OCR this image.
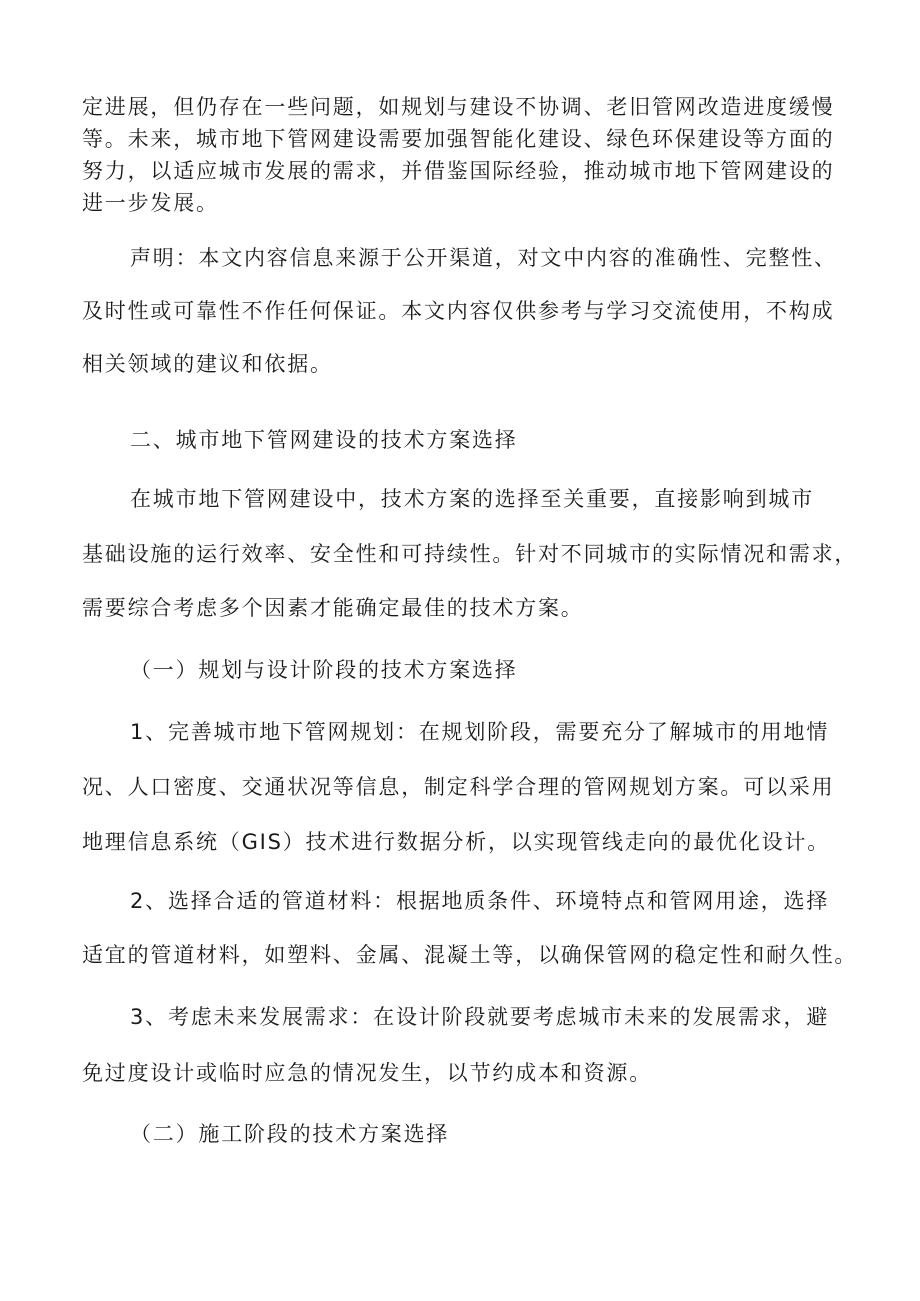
定进展，但仍存在一些问题，如规划与建设不协调、老旧管网改造进度缓慢
等。未来，城市地下管网建设需要加强智能化建设、绿色环保建设等方面的
努力，以适应城市发展的需求，并借鉴国际经验，推动城市地下管网建设的
进一步发展。
声明：本文内容信息来源于公开渠道，对文中内容的准确性、完整性、
及时性或可靠性不作任何保证。本文内容仅供参考与学习交流使用，不构成
相关领域的建议和依据。
二、城市地下管网建设的技术方案选择
在城市地下管网建设中，技术方案的选择至关重要，直接影响到城市
基础设施的运行效率、安全性和可持续性。针对不同城市的实际情况和需求，
需要综合考虑多个因素才能确定最佳的技术方案。
（一）规划与设计阶段的技术方案选择
1、完善城市地下管网规划：在规划阶段，需要充分了解城市的用地情
况、人口密度、交通状况等信息，制定科学合理的管网规划方案。可以采用
地理信息系统（GIS）技术进行数据分析，以实现管线走向的最优化设计。
2、选择合适的管道材料：根据地质条件、环境特点和管网用途，选择
适宜的管道材料，如塑料、金属、混凝土等，以确保管网的稳定性和耐久性。
3、考虑未来发展需求：在设计阶段就要考虑城市未来的发展需求，避
免过度设计或临时应急的情况发生，以节约成本和资源。
（二）施工阶段的技术方案选择
